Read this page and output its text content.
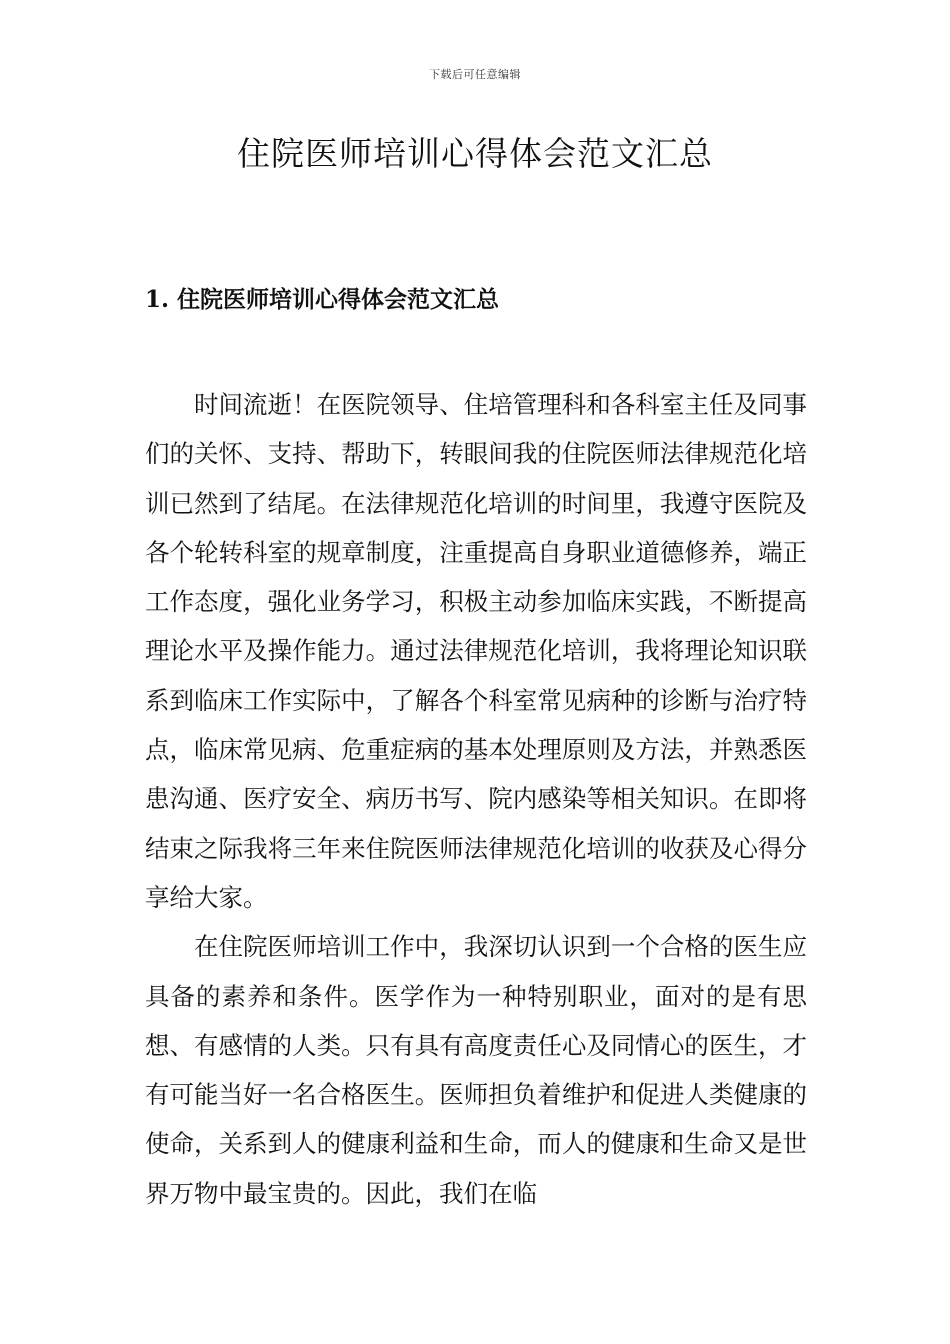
下载后可任意编辑
住院医师培训心得体会范文汇总
1. 住院医师培训心得体会范文汇总

时间流逝！在医院领导、住培管理科和各科室主任及同事们的关怀、支持、帮助下，转眼间我的住院医师法律规范化培训已然到了结尾。在法律规范化培训的时间里，我遵守医院及各个轮转科室的规章制度，注重提高自身职业道德修养，端正工作态度，强化业务学习，积极主动参加临床实践，不断提高理论水平及操作能力。通过法律规范化培训，我将理论知识联系到临床工作实际中，了解各个科室常见病种的诊断与治疗特点，临床常见病、危重症病的基本处理原则及方法，并熟悉医患沟通、医疗安全、病历书写、院内感染等相关知识。在即将结束之际我将三年来住院医师法律规范化培训的收获及心得分享给大家。

在住院医师培训工作中，我深切认识到一个合格的医生应具备的素养和条件。医学作为一种特别职业，面对的是有思想、有感情的人类。只有具有高度责任心及同情心的医生，才有可能当好一名合格医生。医师担负着维护和促进人类健康的使命，关系到人的健康利益和生命，而人的健康和生命又是世界万物中最宝贵的。因此，我们在临
